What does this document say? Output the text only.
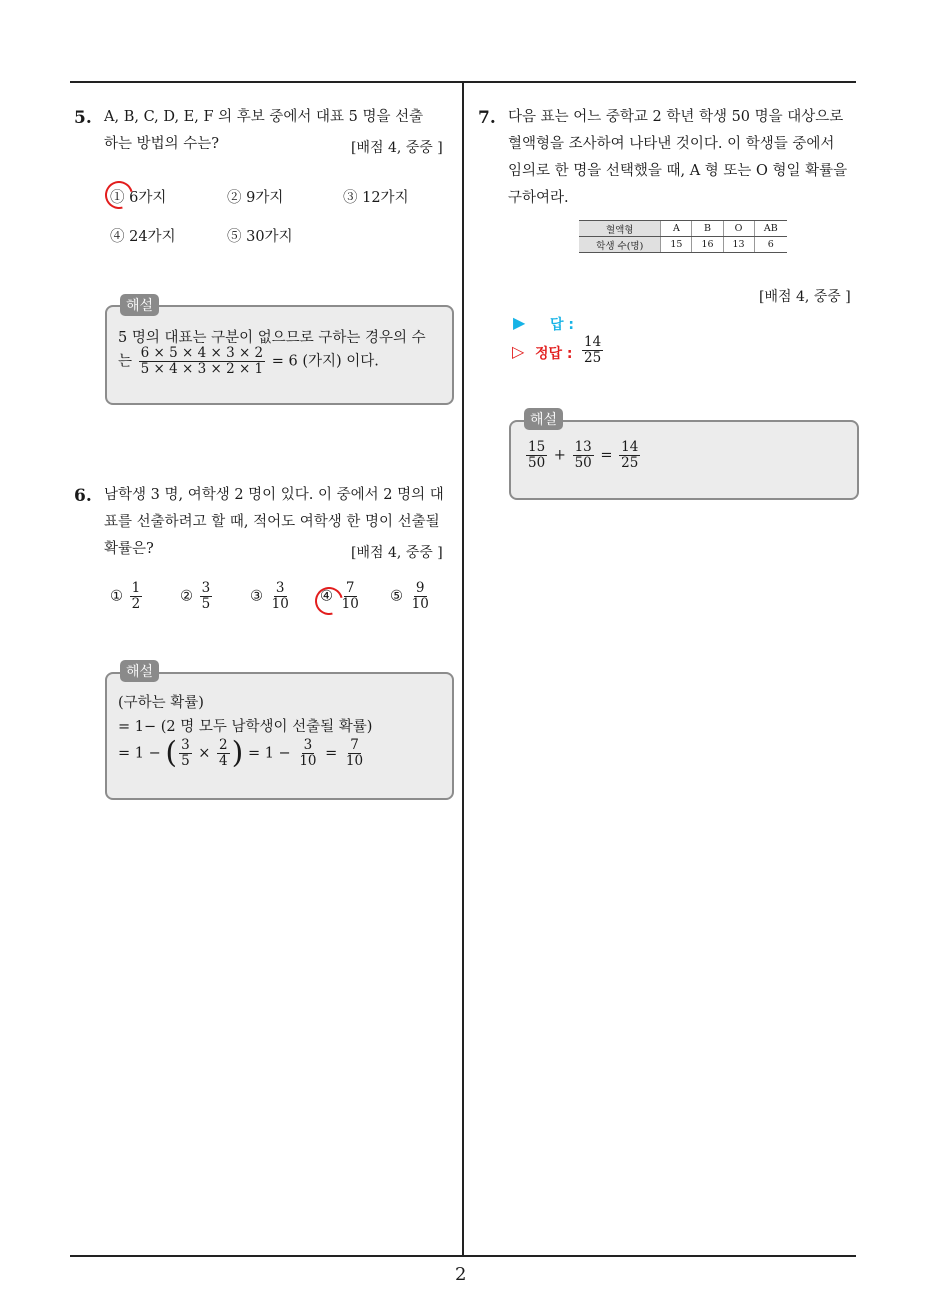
2
5. A, B, C, D, E, F 의 후보 중에서 대표 5 명을 선출
하는 방법의 수는?	[배점 4, 중중 ]
① 6가지	② 9가지	③ 12가지
④ 24가지	⑤ 30가지
해설
5 명의 대표는 구분이 없으므로 구하는 경우의 수
는 $\frac{6 \times 5 \times 4 \times 3 \times 2}{5 \times 4 \times 3 \times 2 \times 1} = 6$ (가지) 이다.
6. 남학생 3 명, 여학생 2 명이 있다. 이 중에서 2 명의 대
표를 선출하려고 할 때, 적어도 여학생 한 명이 선출될
확률은?	[배점 4, 중중 ]
① $\frac{1}{2}$	② $\frac{3}{5}$	③ $\frac{3}{10}$ ④ $\frac{7}{10}$ ⑤ $\frac{9}{10}$
해설
(구하는 확률)
= 1− (2 명 모두 남학생이 선출될 확률)
= 1 − ( $\frac{3}{5} \times \frac{2}{4}$ ) = $1 - \frac{3}{10} = \frac{7}{10}$
7. 다음 표는 어느 중학교 2 학년 학생 50 명을 대상으로
혈액형을 조사하여 나타낸 것이다. 이 학생들 중에서
임의로 한 명을 선택했을 때, A 형 또는 O 형일 확률을
구하여라.
혈액형	A	B	O	AB
학생 수(명)	15	16	13	6
[배점 4, 중중 ]
▶ 답 :
▷ 정답 : $\frac{14}{25}$
해설
$\frac{15}{50} + \frac{13}{50} = \frac{14}{25}$
